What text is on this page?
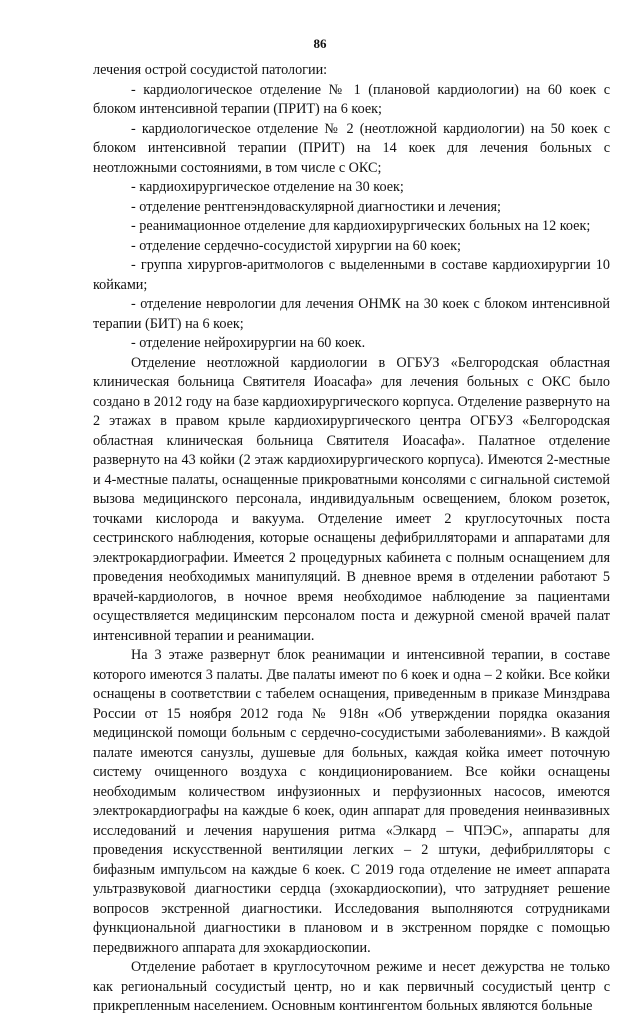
86

лечения острой сосудистой патологии:

- кардиологическое отделение № 1 (плановой кардиологии) на 60 коек с блоком интенсивной терапии (ПРИТ) на 6 коек;

- кардиологическое отделение № 2 (неотложной кардиологии) на 50 коек с блоком интенсивной терапии (ПРИТ) на 14 коек для лечения больных с неотложными состояниями, в том числе с ОКС;

- кардиохирургическое отделение на 30 коек;

- отделение рентгенэндоваскулярной диагностики и лечения;

- реанимационное отделение для кардиохирургических больных на 12 коек;

- отделение сердечно-сосудистой хирургии на 60 коек;

- группа хирургов-аритмологов с выделенными в составе кардиохирургии 10 койками;

- отделение неврологии для лечения ОНМК на 30 коек с блоком интенсивной терапии (БИТ) на 6 коек;

- отделение нейрохирургии на 60 коек.

Отделение неотложной кардиологии в ОГБУЗ «Белгородская областная клиническая больница Святителя Иоасафа» для лечения больных с ОКС было создано в 2012 году на базе кардиохирургического корпуса. Отделение развернуто на 2 этажах в правом крыле кардиохирургического центра ОГБУЗ «Белгородская областная клиническая больница Святителя Иоасафа». Палатное отделение развернуто на 43 койки (2 этаж кардиохирургического корпуса). Имеются 2-местные и 4-местные палаты, оснащенные прикроватными консолями с сигнальной системой вызова медицинского персонала, индивидуальным освещением, блоком розеток, точками кислорода и вакуума. Отделение имеет 2 круглосуточных поста сестринского наблюдения, которые оснащены дефибрилляторами и аппаратами для электрокардиографии. Имеется 2 процедурных кабинета с полным оснащением для проведения необходимых манипуляций. В дневное время в отделении работают 5 врачей-кардиологов, в ночное время необходимое наблюдение за пациентами осуществляется медицинским персоналом поста и дежурной сменой врачей палат интенсивной терапии и реанимации.

На 3 этаже развернут блок реанимации и интенсивной терапии, в составе которого имеются 3 палаты. Две палаты имеют по 6 коек и одна – 2 койки. Все койки оснащены в соответствии с табелем оснащения, приведенным в приказе Минздрава России от 15 ноября 2012 года № 918н «Об утверждении порядка оказания медицинской помощи больным с сердечно-сосудистыми заболеваниями». В каждой палате имеются санузлы, душевые для больных, каждая койка имеет поточную систему очищенного воздуха с кондиционированием. Все койки оснащены необходимым количеством инфузионных и перфузионных насосов, имеются электрокардиографы на каждые 6 коек, один аппарат для проведения неинвазивных исследований и лечения нарушения ритма «Элкард – ЧПЭС», аппараты для проведения искусственной вентиляции легких – 2 штуки, дефибрилляторы с бифазным импульсом на каждые 6 коек. С 2019 года отделение не имеет аппарата ультразвуковой диагностики сердца (эхокардиоскопии), что затрудняет решение вопросов экстренной диагностики. Исследования выполняются сотрудниками функциональной диагностики в плановом и в экстренном порядке с помощью передвижного аппарата для эхокардиоскопии.

Отделение работает в круглосуточном режиме и несет дежурства не только как региональный сосудистый центр, но и как первичный сосудистый центр с прикрепленным населением. Основным контингентом больных являются больные
